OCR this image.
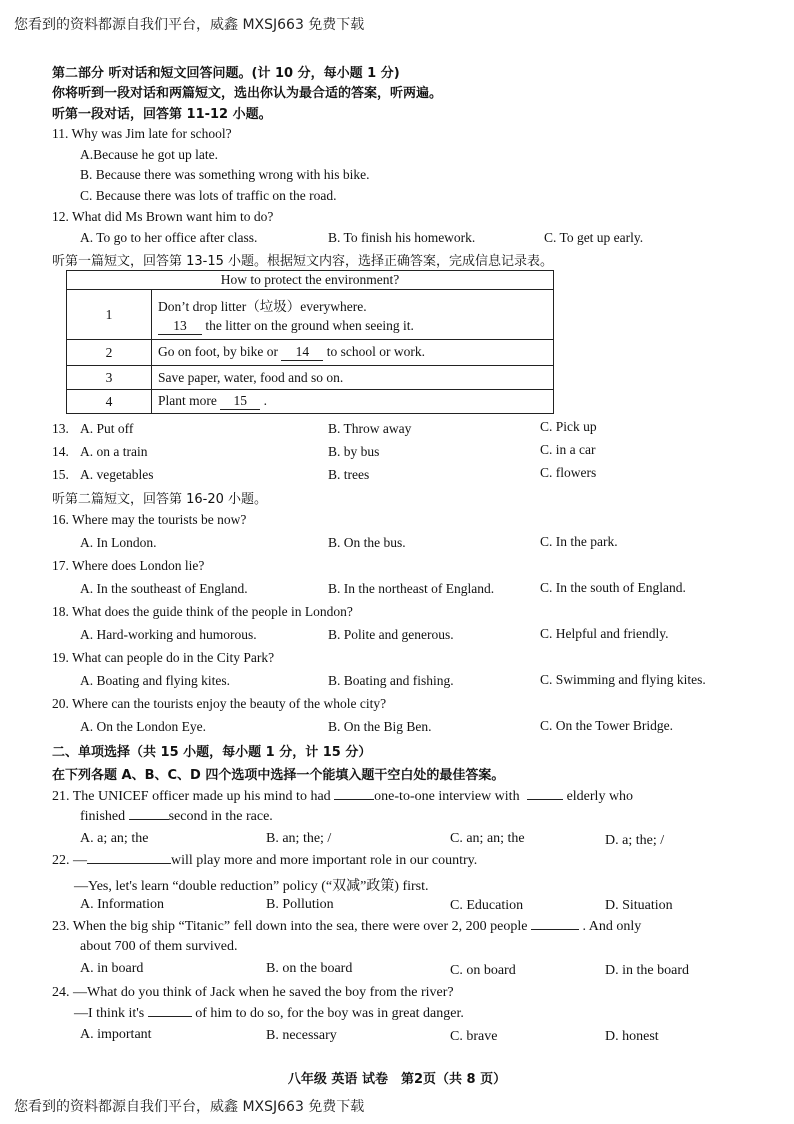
您看到的资料都源自我们平台，威鑫 MXSJ663 免费下载
第二部分 听对话和短文回答问题。(计 10 分，每小题 1 分)
你将听到一段对话和两篇短文，选出你认为最合适的答案，听两遍。
听第一段对话，回答第 11-12 小题。
11. Why was Jim late for school?
A.Because he got up late.
B. Because there was something wrong with his bike.
C. Because there was lots of traffic on the road.
12. What did Ms Brown want him to do?
A. To go to her office after class.	B. To finish his homework.	C. To get up early.
听第一篇短文，回答第 13-15 小题。根据短文内容，选择正确答案，完成信息记录表。
How to protect the environment?	
1	Don’t drop litter（垃圾）everywhere.
13 the litter on the ground when seeing it.

2	Go on foot, by bike or 14 to school or work.
3	Save paper, water, food and so on.
4	Plant more 15 .
13. A. Put off	B. Throw away	C. Pick up
14. A. on a train	B. by bus	C. in a car
15. A. vegetables	B. trees	C. flowers
听第二篇短文，回答第 16-20 小题。
16. Where may the tourists be now?
A. In London.	B. On the bus.	C. In the park.
17. Where does London lie?
A. In the southeast of England.	B. In the northeast of England.	C. In the south of England.
18. What does the guide think of the people in London?
A. Hard-working and humorous.	B. Polite and generous.	C. Helpful and friendly.
19. What can people do in the City Park?
A. Boating and flying kites.	B. Boating and fishing.	C. Swimming and flying kites.
20. Where can the tourists enjoy the beauty of the whole city?
A. On the London Eye.	B. On the Big Ben.	C. On the Tower Bridge.
二、单项选择（共 15 小题，每小题 1 分，计 15 分）
在下列各题 A、B、C、D 四个选项中选择一个能填入题干空白处的最佳答案。
21. The UNICEF officer made up his mind to had	one-to-one interview with	elderly who
finished	second in the race.
A. a; an; the	B. an; the; /	C. an; an; the	D. a; the; /
22. —	will play more and more important role in our country.
—Yes, let's learn “double reduction” policy (“双减”政策) first.
A. Information	B. Pollution	C. Education	D. Situation
23. When the big ship “Titanic” fell down into the sea, there were over 2, 200 people	. And only
about 700 of them survived.
A. in board	B. on the board	C. on board	D. in the board
24. —What do you think of Jack when he saved the boy from the river?
—I think it's	of him to do so, for the boy was in great danger.
A. important	B. necessary	C. brave	D. honest
八年级 英语 试卷　第2页（共 8 页）
您看到的资料都源自我们平台，威鑫 MXSJ663 免费下载
